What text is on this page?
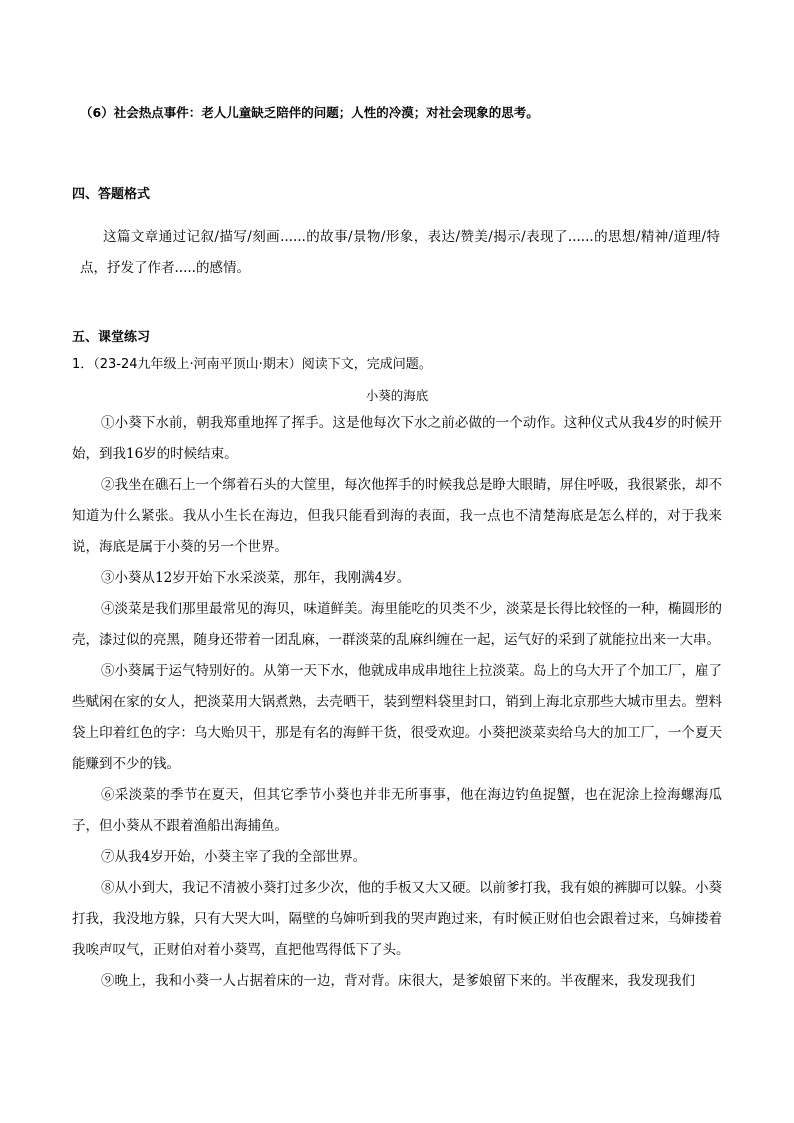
（6）社会热点事件：老人儿童缺乏陪伴的问题；人性的冷漠；对社会现象的思考。
四、答题格式
这篇文章通过记叙/描写/刻画......的故事/景物/形象，表达/赞美/揭示/表现了......的思想/精神/道理/特点，抒发了作者.....的感情。
五、课堂练习
1．（23-24九年级上·河南平顶山·期末）阅读下文，完成问题。
小葵的海底

①小葵下水前，朝我郑重地挥了挥手。这是他每次下水之前必做的一个动作。这种仪式从我4岁的时候开始，到我16岁的时候结束。

②我坐在礁石上一个绑着石头的大筐里，每次他挥手的时候我总是睁大眼睛，屏住呼吸，我很紧张，却不知道为什么紧张。我从小生长在海边，但我只能看到海的表面，我一点也不清楚海底是怎么样的，对于我来说，海底是属于小葵的另一个世界。

③小葵从12岁开始下水采淡菜，那年，我刚满4岁。

④淡菜是我们那里最常见的海贝，味道鲜美。海里能吃的贝类不少，淡菜是长得比较怪的一种，椭圆形的壳，漆过似的亮黑，随身还带着一团乱麻，一群淡菜的乱麻纠缠在一起，运气好的采到了就能拉出来一大串。

⑤小葵属于运气特别好的。从第一天下水，他就成串成串地往上拉淡菜。岛上的乌大开了个加工厂，雇了些赋闲在家的女人，把淡菜用大锅煮熟，去壳晒干，装到塑料袋里封口，销到上海北京那些大城市里去。塑料袋上印着红色的字：乌大贻贝干，那是有名的海鲜干货，很受欢迎。小葵把淡菜卖给乌大的加工厂，一个夏天能赚到不少的钱。

⑥采淡菜的季节在夏天，但其它季节小葵也并非无所事事，他在海边钓鱼捉蟹，也在泥涂上捡海螺海瓜子，但小葵从不跟着渔船出海捕鱼。

⑦从我4岁开始，小葵主宰了我的全部世界。

⑧从小到大，我记不清被小葵打过多少次，他的手板又大又硬。以前爹打我，我有娘的裤脚可以躲。小葵打我，我没地方躲，只有大哭大叫，隔壁的乌婶听到我的哭声跑过来，有时候正财伯也会跟着过来，乌婶搂着我唉声叹气，正财伯对着小葵骂，直把他骂得低下了头。

⑨晚上，我和小葵一人占据着床的一边，背对背。床很大，是爹娘留下来的。半夜醒来，我发现我们
